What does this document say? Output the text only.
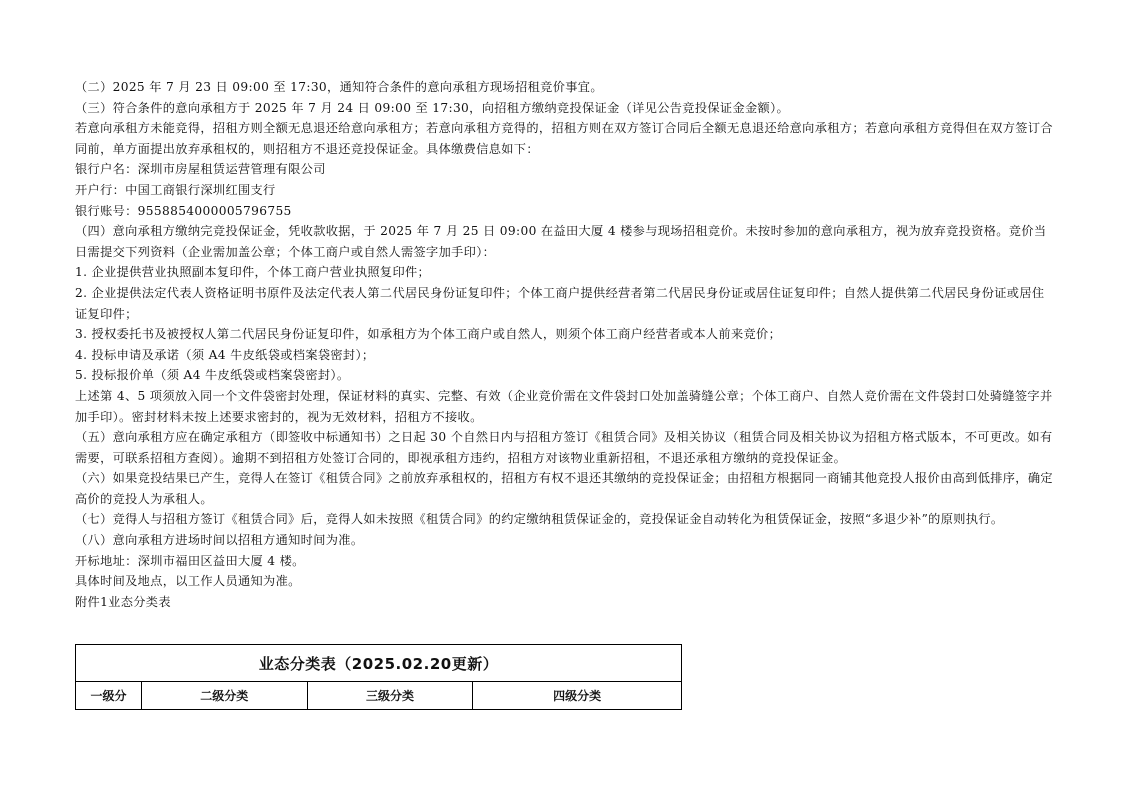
（二）2025 年 7 月 23 日 09:00 至 17:30，通知符合条件的意向承租方现场招租竞价事宜。

（三）符合条件的意向承租方于 2025 年 7 月 24 日 09:00 至 17:30，向招租方缴纳竞投保证金（详见公告竞投保证金金额）。

若意向承租方未能竞得，招租方则全额无息退还给意向承租方；若意向承租方竞得的，招租方则在双方签订合同后全额无息退还给意向承租方；若意向承租方竞得但在双方签订合同前，单方面提出放弃承租权的，则招租方不退还竞投保证金。具体缴费信息如下：

银行户名：深圳市房屋租赁运营管理有限公司

开户行：中国工商银行深圳红围支行

银行账号：9558854000005796755

（四）意向承租方缴纳完竞投保证金，凭收款收据，于 2025 年 7 月 25 日 09:00 在益田大厦 4 楼参与现场招租竞价。未按时参加的意向承租方，视为放弃竞投资格。竞价当日需提交下列资料（企业需加盖公章；个体工商户或自然人需签字加手印）：

1. 企业提供营业执照副本复印件，个体工商户营业执照复印件；

2. 企业提供法定代表人资格证明书原件及法定代表人第二代居民身份证复印件；个体工商户提供经营者第二代居民身份证或居住证复印件；自然人提供第二代居民身份证或居住证复印件；

3. 授权委托书及被授权人第二代居民身份证复印件，如承租方为个体工商户或自然人，则须个体工商户经营者或本人前来竞价；

4. 投标申请及承诺（须 A4 牛皮纸袋或档案袋密封）；

5. 投标报价单（须 A4 牛皮纸袋或档案袋密封）。

上述第 4、5 项须放入同一个文件袋密封处理，保证材料的真实、完整、有效（企业竞价需在文件袋封口处加盖骑缝公章；个体工商户、自然人竞价需在文件袋封口处骑缝签字并加手印）。密封材料未按上述要求密封的，视为无效材料，招租方不接收。

（五）意向承租方应在确定承租方（即签收中标通知书）之日起 30 个自然日内与招租方签订《租赁合同》及相关协议（租赁合同及相关协议为招租方格式版本，不可更改。如有需要，可联系招租方查阅）。逾期不到招租方处签订合同的，即视承租方违约，招租方对该物业重新招租，不退还承租方缴纳的竞投保证金。

（六）如果竞投结果已产生，竞得人在签订《租赁合同》之前放弃承租权的，招租方有权不退还其缴纳的竞投保证金；由招租方根据同一商铺其他竞投人报价由高到低排序，确定高价的竞投人为承租人。

（七）竞得人与招租方签订《租赁合同》后，竞得人如未按照《租赁合同》的约定缴纳租赁保证金的，竞投保证金自动转化为租赁保证金，按照“多退少补”的原则执行。

（八）意向承租方进场时间以招租方通知时间为准。

开标地址：深圳市福田区益田大厦 4 楼。

具体时间及地点，以工作人员通知为准。

附件1业态分类表

业态分类表（2025.02.20更新）
一级分	二级分类	三级分类	四级分类
